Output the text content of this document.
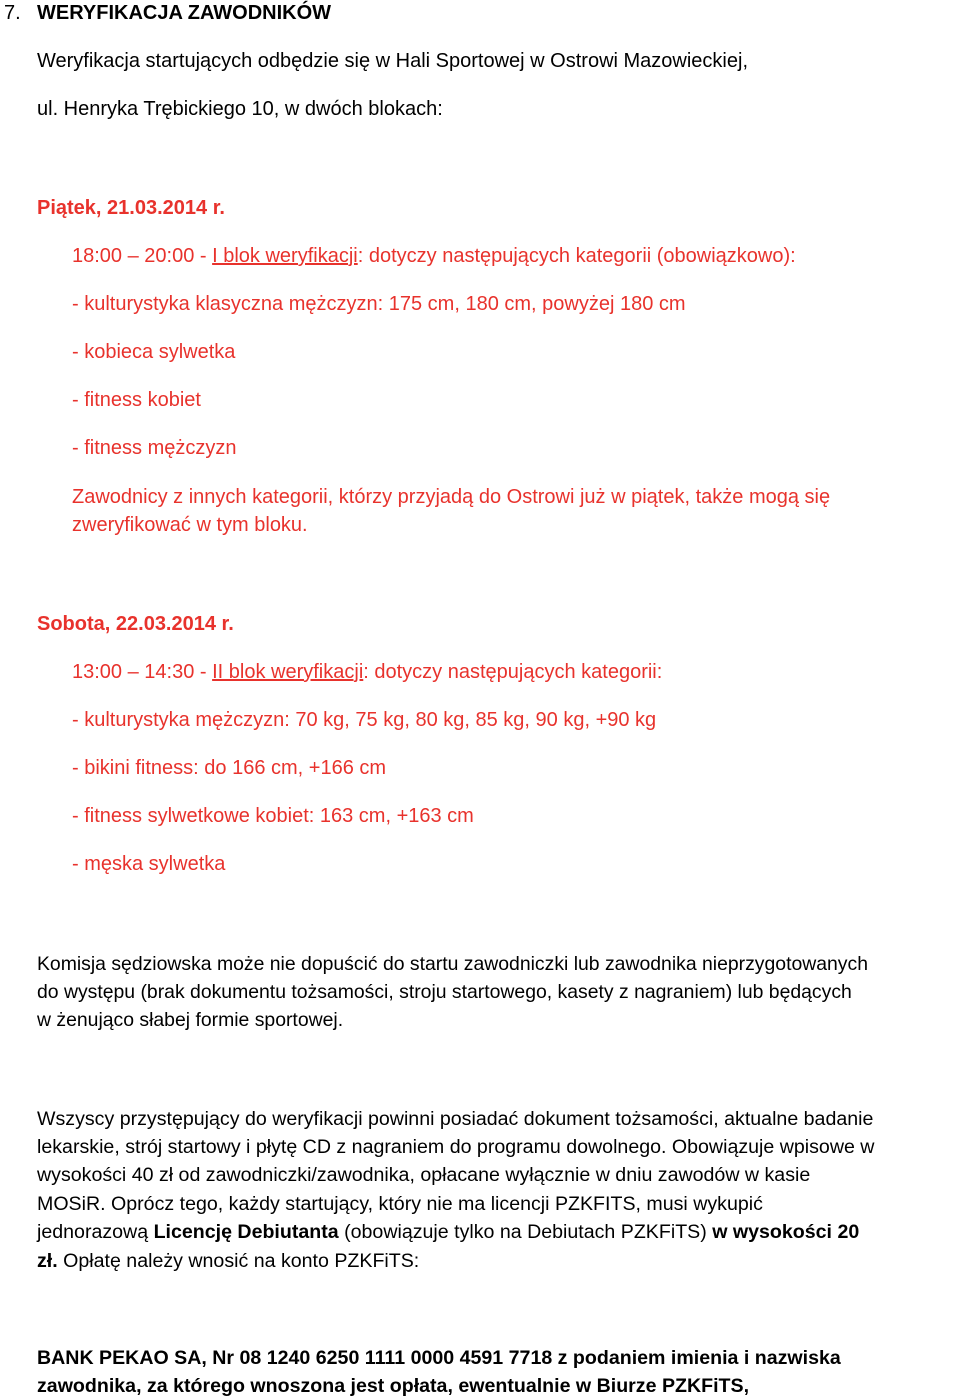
7. WERYFIKACJA ZAWODNIKÓW
Weryfikacja startujących odbędzie się w Hali Sportowej w Ostrowi Mazowieckiej,
ul. Henryka Trębickiego 10, w dwóch blokach:
Piątek, 21.03.2014 r.
18:00 – 20:00 - I blok weryfikacji: dotyczy następujących kategorii (obowiązkowo):
- kulturystyka klasyczna mężczyzn: 175 cm, 180 cm, powyżej 180 cm
- kobieca sylwetka
- fitness kobiet
- fitness mężczyzn
Zawodnicy z innych kategorii, którzy przyjadą do Ostrowi już w piątek, także mogą się
zweryfikować w tym bloku.
Sobota, 22.03.2014 r.
13:00 – 14:30 - II blok weryfikacji: dotyczy następujących kategorii:
- kulturystyka mężczyzn: 70 kg, 75 kg, 80 kg, 85 kg, 90 kg, +90 kg
- bikini fitness: do 166 cm, +166 cm
- fitness sylwetkowe kobiet: 163 cm, +163 cm
- męska sylwetka
Komisja sędziowska może nie dopuścić do startu zawodniczki lub zawodnika nieprzygotowanych
do występu (brak dokumentu tożsamości, stroju startowego, kasety z nagraniem) lub będących
w żenująco słabej formie sportowej.
Wszyscy przystępujący do weryfikacji powinni posiadać dokument tożsamości, aktualne badanie
lekarskie, strój startowy i płytę CD z nagraniem do programu dowolnego. Obowiązuje wpisowe w
wysokości 40 zł od zawodniczki/zawodnika, opłacane wyłącznie w dniu zawodów w kasie
MOSiR. Oprócz tego, każdy startujący, który nie ma licencji PZKFITS, musi wykupić
jednorazową Licencję Debiutanta (obowiązuje tylko na Debiutach PZKFiTS) w wysokości 20
zł. Opłatę należy wnosić na konto PZKFiTS:
BANK PEKAO SA, Nr 08 1240 6250 1111 0000 4591 7718 z podaniem imienia i nazwiska
zawodnika, za którego wnoszona jest opłata, ewentualnie w Biurze PZKFiTS,
